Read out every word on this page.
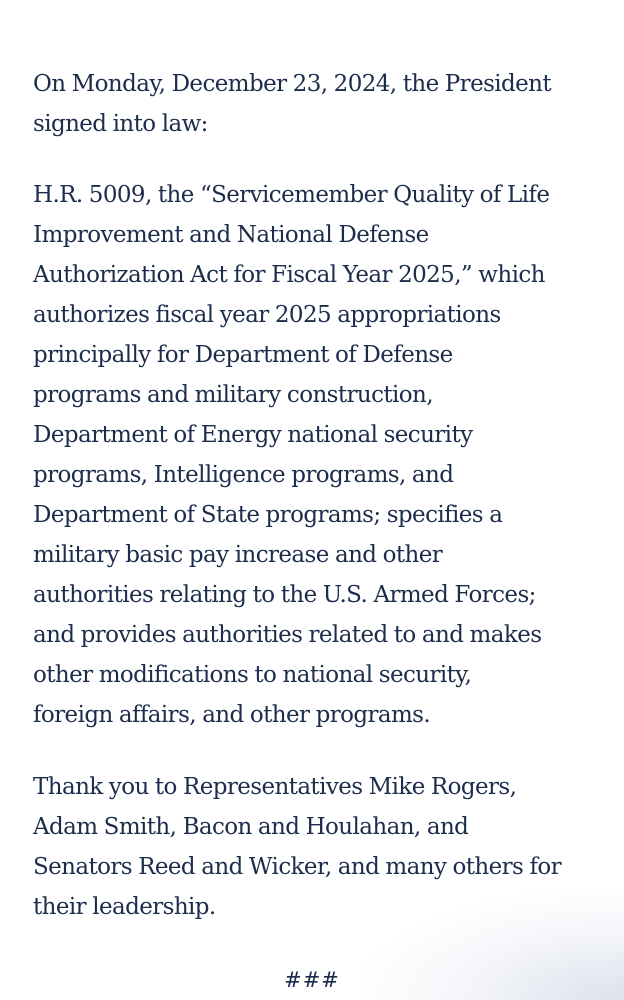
On Monday, December 23, 2024, the President
signed into law:

H.R. 5009, the “Servicemember Quality of Life
Improvement and National Defense
Authorization Act for Fiscal Year 2025,” which
authorizes fiscal year 2025 appropriations
principally for Department of Defense
programs and military construction,
Department of Energy national security
programs, Intelligence programs, and
Department of State programs; specifies a
military basic pay increase and other
authorities relating to the U.S. Armed Forces;
and provides authorities related to and makes
other modifications to national security,
foreign affairs, and other programs.

Thank you to Representatives Mike Rogers,
Adam Smith, Bacon and Houlahan, and
Senators Reed and Wicker, and many others for
their leadership.

###
